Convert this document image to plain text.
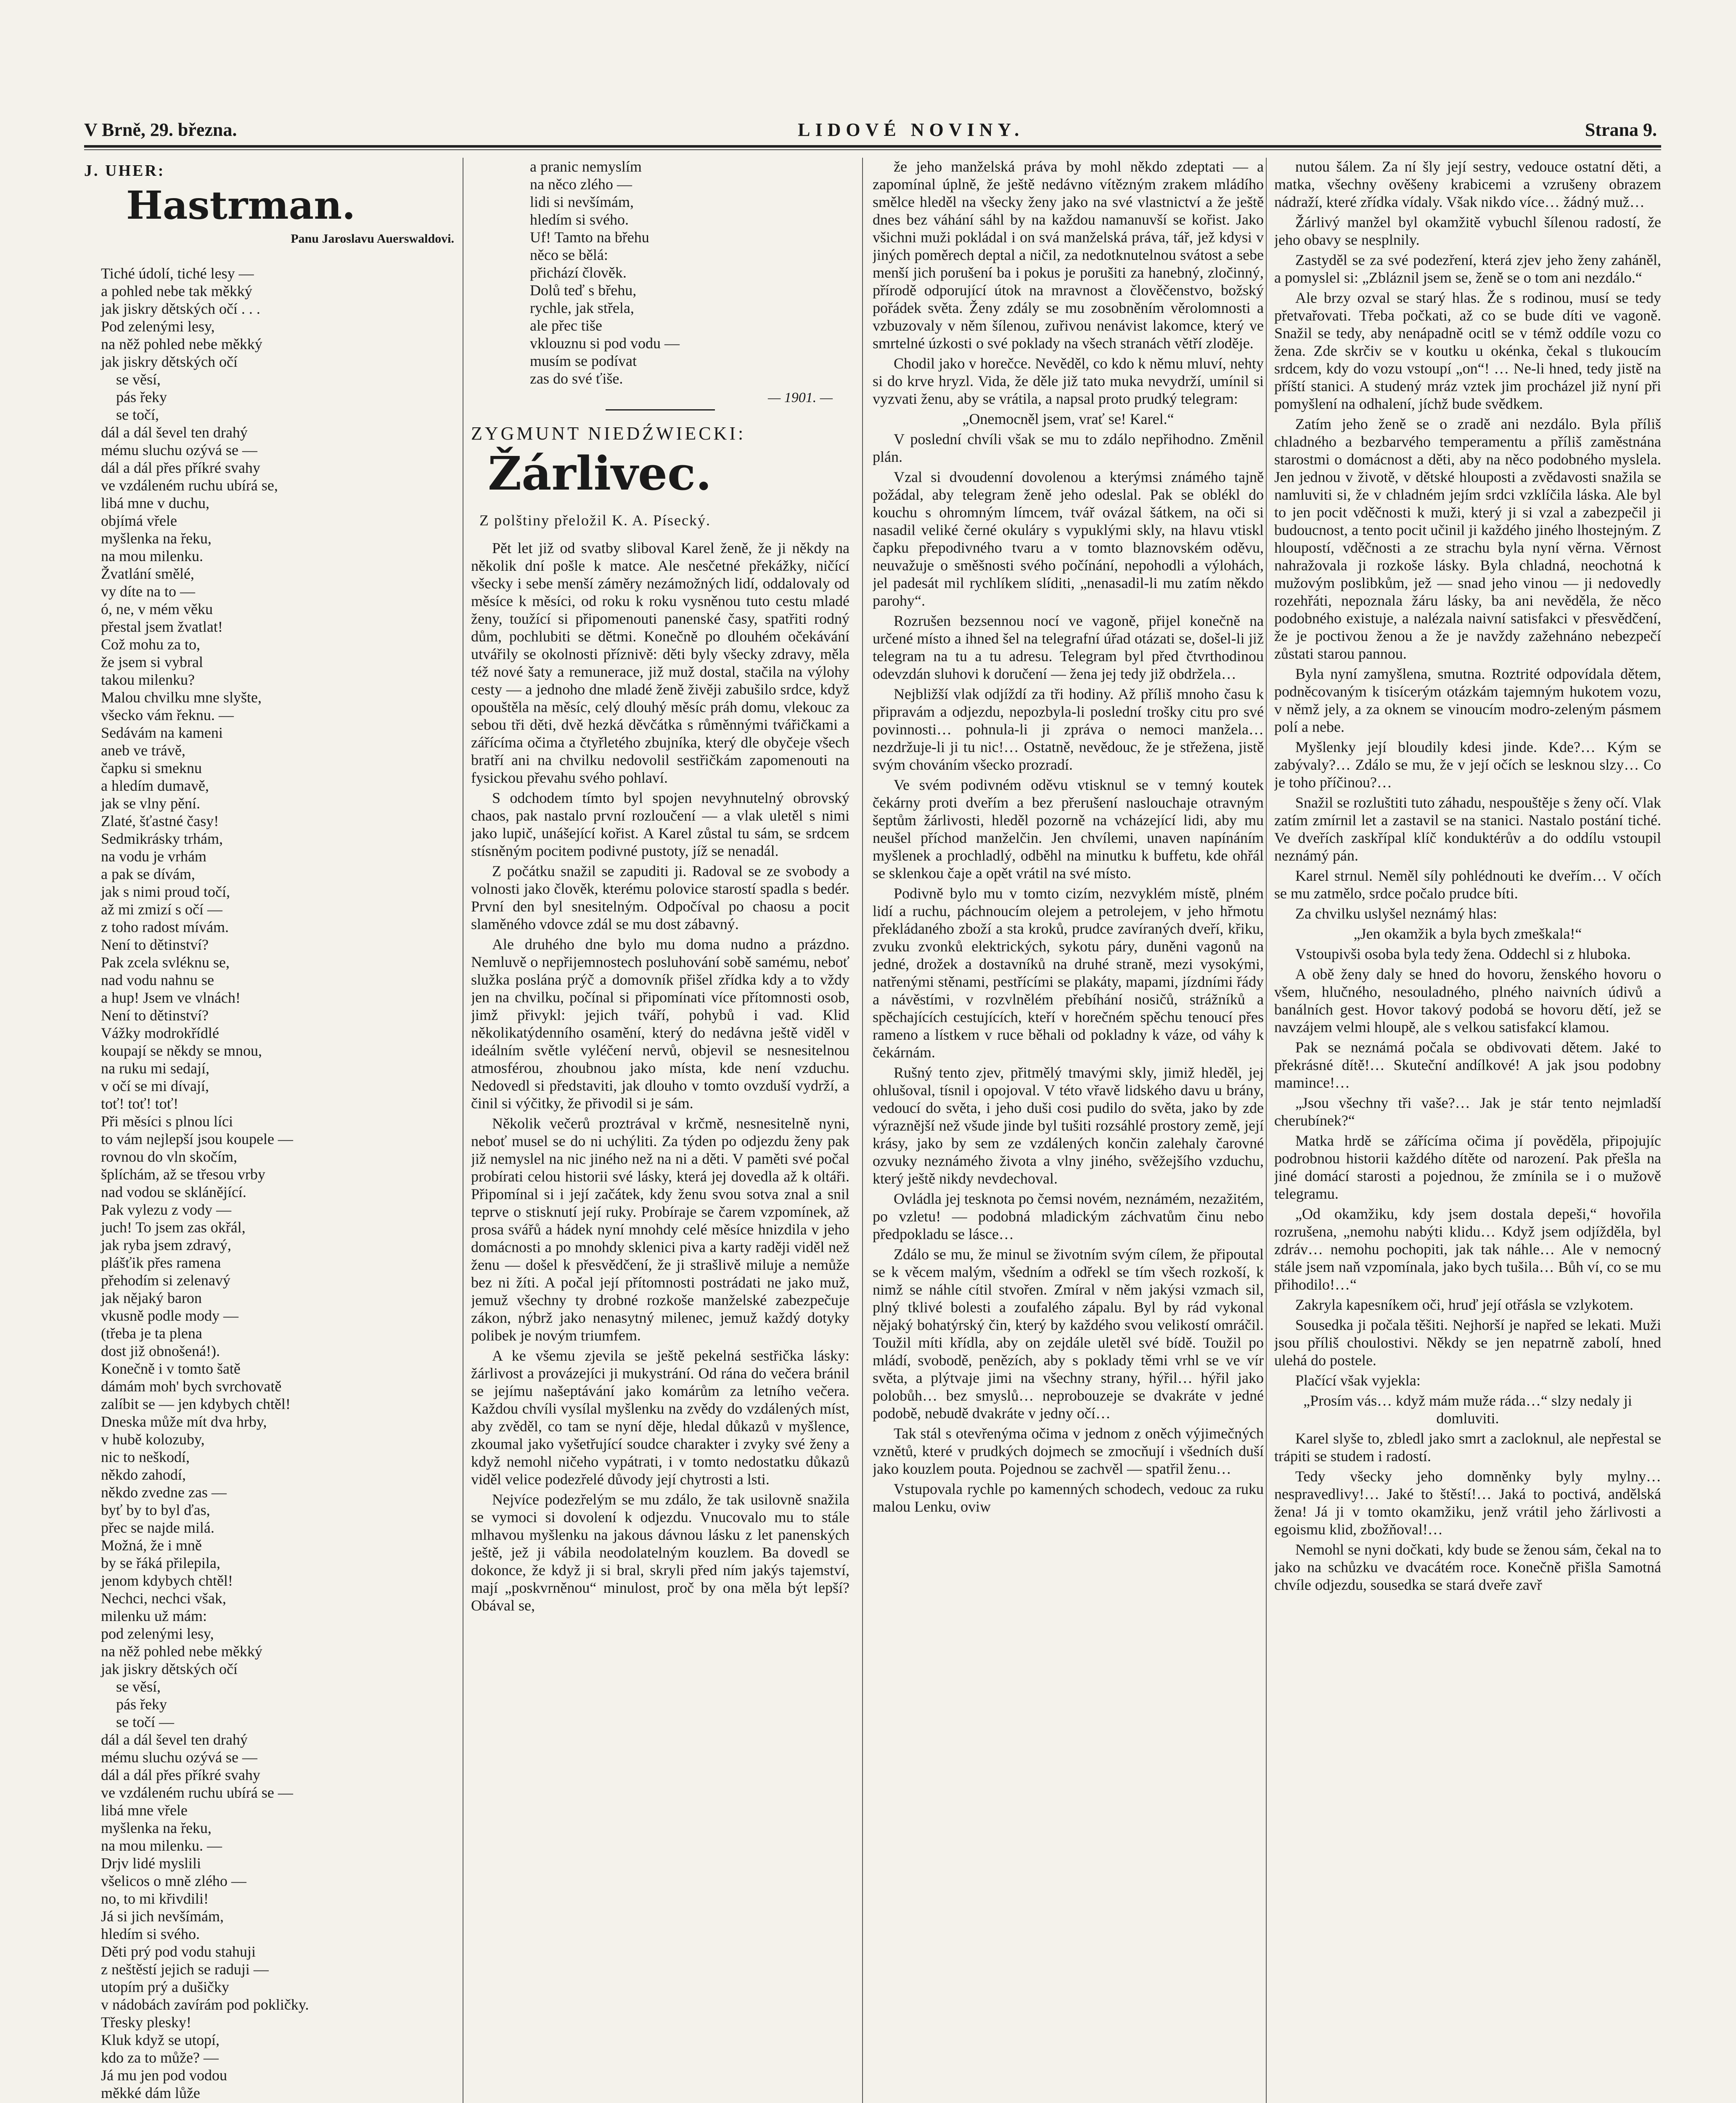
V Brně, 29. března.	LIDOVÉ NOVINY.	Strana 9.
J. UHER:
Hastrman.
Panu Jaroslavu Auerswaldovi.
Tiché údolí, tiché lesy —
a pohled nebe tak měkký
jak jiskry dětských očí . . .
Pod zelenými lesy,
na něž pohled nebe měkký
jak jiskry dětských očí
se věsí,
pás řeky
se točí,
dál a dál ševel ten drahý
mému sluchu ozývá se —
dál a dál přes příkré svahy
ve vzdáleném ruchu ubírá se,
libá mne v duchu,
objímá vřele
myšlenka na řeku,
na mou milenku.
Žvatlání smělé,
vy díte na to —
ó, ne, v mém věku
přestal jsem žvatlat!
Což mohu za to,
že jsem si vybral
takou milenku?
Malou chvilku mne slyšte,
všecko vám řeknu. —
Sedávám na kameni
aneb ve trávě,
čapku si smeknu
a hledím dumavě,
jak se vlny pění.
Zlaté, šťastné časy!
Sedmikrásky trhám,
na vodu je vrhám
a pak se dívám,
jak s nimi proud točí,
až mi zmizí s očí —
z toho radost mívám.
Není to dětinství?
Pak zcela svléknu se,
nad vodu nahnu se
a hup! Jsem ve vlnách!
Není to dětinství?
Vážky modrokřídlé
koupají se někdy se mnou,
na ruku mi sedají,
v očí se mi dívají,
toť! toť! toť!
Při měsíci s plnou líci
to vám nejlepší jsou koupele —
rovnou do vln skočím,
šplíchám, až se třesou vrby
nad vodou se sklánějící.
Pak vylezu z vody —
juch! To jsem zas okřál,
jak ryba jsem zdravý,
plášťik přes ramena
přehodím si zelenavý
jak nějaký baron
vkusně podle mody —
(třeba je ta plena
dost již obnošená!).
Konečně i v tomto šatě
dámám moh' bych svrchovatě
zalíbit se — jen kdybych chtěl!
Dneska může mít dva hrby,
v hubě kolozuby,
nic to neškodí,
někdo zahodí,
někdo zvedne zas —
byť by to byl ďas,
přec se najde milá.
Možná, že i mně
by se řáká přilepila,
jenom kdybych chtěl!
Nechci, nechci však,
milenku už mám:
pod zelenými lesy,
na něž pohled nebe měkký
jak jiskry dětských očí
se věsí,
pás řeky
se točí —
dál a dál ševel ten drahý
mému sluchu ozývá se —
dál a dál přes příkré svahy
ve vzdáleném ruchu ubírá se —
libá mne vřele
myšlenka na řeku,
na mou milenku. —
Drjv lidé myslili
všelicos o mně zlého —
no, to mi křivdili!
Já si jich nevšímám,
hledím si svého.
Děti prý pod vodu stahuji
z neštěstí jejich se raduji —
utopím prý a dušičky
v nádobách zavírám pod pokličky.
Třesky plesky!
Kluk když se utopí,
kdo za to může? —
Já mu jen pod vodou
měkké dám lůže
a pranic nemyslím
na něco zlého —
lidi si nevšímám,
hledím si svého.
Uf! Tamto na břehu
něco se bělá:
přichází člověk.
Dolů teď s břehu,
rychle, jak střela,
ale přec tiše
vklouznu si pod vodu —
musím se podívat
zas do své ťiše.
— 1901. —
ZYGMUNT NIEDŹWIECKI:
Žárlivec.
Z polštiny přeložil K. A. Písecký.

Pět let již od svatby sliboval Karel ženě, že ji někdy na několik dní pošle k matce. Ale nesčetné překážky, ničící všecky i sebe menší záměry nezámožných lidí, oddalovaly od měsíce k měsíci, od roku k roku vysněnou tuto cestu mladé ženy, toužící si připomenouti panenské časy, spatřiti rodný dům, pochlubiti se dětmi. Konečně po dlouhém očekávání utvářily se okolnosti příznivě: děti byly všecky zdravy, měla též nové šaty a remunerace, již muž dostal, stačila na výlohy cesty — a jednoho dne mladé ženě živěji zabušilo srdce, když opouštěla na měsíc, celý dlouhý měsíc práh domu, vlekouc za sebou tři děti, dvě hezká děvčátka s růměnnými tvářičkami a zářícíma očima a čtyřletého zbujníka, který dle obyčeje všech bratří ani na chvilku nedovolil sestřičkám zapomenouti na fysickou převahu svého pohlaví.

S odchodem tímto byl spojen nevyhnutelný obrovský chaos, pak nastalo první rozloučení — a vlak uletěl s nimi jako lupič, unášející kořist. A Karel zůstal tu sám, se srdcem stísněným pocitem podivné pustoty, jíž se nenadál.

Z počátku snažil se zapuditi ji. Radoval se ze svobody a volnosti jako člověk, kterému polovice starostí spadla s bedér. První den byl snesitelným. Odpočíval po chaosu a pocit slaměného vdovce zdál se mu dost zábavný.

Ale druhého dne bylo mu doma nudno a prázdno. Nemluvě o nepřijemnostech posluhování sobě samému, neboť služka poslána prýč a domovník přišel zřídka kdy a to vždy jen na chvilku, počínal si připomínati více přítomnosti osob, jimž přivykl: jejich tváří, pohybů i vad. Klid několikatýdenního osamění, který do nedávna ještě viděl v ideálním světle vyléčení nervů, objevil se nesnesitelnou atmosférou, zhoubnou jako místa, kde není vzduchu. Nedovedl si představiti, jak dlouho v tomto ovzduší vydrží, a činil si výčitky, že přivodil si je sám.

Několik večerů proztrával v krčmě, nesnesitelně nyni, neboť musel se do ni uchýliti. Za týden po odjezdu ženy pak již nemyslel na nic jiného než na ni a děti. V paměti své počal probírati celou historii své lásky, která jej dovedla až k oltáři. Připomínal si i její začátek, kdy ženu svou sotva znal a snil teprve o stisknutí její ruky. Probíraje se čarem vzpomínek, až prosa svářů a hádek nyní mnohdy celé měsíce hnizdila v jeho domácnosti a po mnohdy sklenici piva a karty raději viděl než ženu — došel k přesvědčení, že ji strašlivě miluje a nemůže bez ni žíti. A počal její přítomnosti postrádati ne jako muž, jemuž všechny ty drobné rozkoše manželské zabezpečuje zákon, nýbrž jako nenasytný milenec, jemuž každý dotyky polibek je novým triumfem.

A ke všemu zjevila se ještě pekelná sestřička lásky: žárlivost a provázejíci ji mukystrání. Od rána do večera bránil se jejímu našeptávání jako komárům za letního večera. Každou chvíli vysílal myšlenku na zvědy do vzdálených míst, aby zvěděl, co tam se nyní děje, hledal důkazů v myšlence, zkoumal jako vyšetřující soudce charakter i zvyky své ženy a když nemohl ničeho vypátrati, i v tomto nedostatku důkazů viděl velice podezřelé důvody její chytrosti a lsti.

Nejvíce podezřelým se mu zdálo, že tak usilovně snažila se vymoci si dovolení k odjezdu. Vnucovalo mu to stále mlhavou myšlenku na jakous dávnou lásku z let panenských ještě, jež ji vábila neodolatelným kouzlem. Ba dovedl se dokonce, že když ji si bral, skryli před ním jakýs tajemství, mají „poskvrněnou“ minulost, proč by ona měla být lepší? Obával se,

že jeho manželská práva by mohl někdo zdeptati — a zapomínal úplně, že ještě nedávno vítězným zrakem mládího smělce hleděl na všecky ženy jako na své vlastnictví a že ještě dnes bez váhání sáhl by na každou namanuvší se kořist. Jako všichni muži pokládal i on svá manželská práva, tář, jež kdysi v jiných poměrech deptal a ničil, za nedotknutelnou svátost a sebe menší jich porušení ba i pokus je porušiti za hanebný, zločinný, přírodě odporující útok na mravnost a člověčenstvo, božský pořádek světa. Ženy zdály se mu zosobněním věrolomnosti a vzbuzovaly v něm šílenou, zuřivou nenávist lakomce, který ve smrtelné úzkosti o své poklady na všech stranách větří zloděje.

Chodil jako v horečce. Nevěděl, co kdo k němu mluví, nehty si do krve hryzl. Vida, že děle již tato muka nevydrží, umínil si vyzvati ženu, aby se vrátila, a napsal proto prudký telegram:

„Onemocněl jsem, vrať se! Karel.“

V poslední chvíli však se mu to zdálo nepřihodno. Změnil plán.

Vzal si dvoudenní dovolenou a kterýmsi známého tajně požádal, aby telegram ženě jeho odeslal. Pak se oblékl do kouchu s ohromným límcem, tvář ovázal šátkem, na oči si nasadil veliké černé okuláry s vypuklými skly, na hlavu vtiskl čapku přepodivného tvaru a v tomto blaznovském oděvu, neuvažuje o směšnosti svého počínání, nepohodli a výlohách, jel padesát mil rychlíkem slíditi, „nenasadil-li mu zatím někdo parohy“.

Rozrušen bezsennou nocí ve vagoně, přijel konečně na určené místo a ihned šel na telegrafní úřad otázati se, došel-li již telegram na tu a tu adresu. Telegram byl před čtvrthodinou odevzdán sluhovi k doručení — žena jej tedy již obdržela…

Nejbližší vlak odjíždí za tři hodiny. Až příliš mnoho času k připravám a odjezdu, nepozbyla-li poslední trošky citu pro své povinnosti… pohnula-li ji zpráva o nemoci manžela… nezdržuje-li ji tu nic!… Ostatně, nevědouc, že je střežena, jistě svým chováním všecko prozradí.

Ve svém podivném oděvu vtisknul se v temný koutek čekárny proti dveřím a bez přerušení naslouchaje otravným šeptům žárlivosti, hleděl pozorně na vcházející lidi, aby mu neušel příchod manželčin. Jen chvílemi, unaven napínáním myšlenek a prochladlý, odběhl na minutku k buffetu, kde ohřál se sklenkou čaje a opět vrátil na své místo.

Podivně bylo mu v tomto cizím, nezvyklém místě, plném lidí a ruchu, páchnoucím olejem a petrolejem, v jeho hřmotu překládaného zboží a sta kroků, prudce zavíraných dveří, křiku, zvuku zvonků elektrických, sykotu páry, duněni vagonů na jedné, drožek a dostavníků na druhé straně, mezi vysokými, natřenými stěnami, pestřícími se plakáty, mapami, jízdními řády a návěstími, v rozvlnělém přebíhání nosičů, strážníků a spěchajících cestujících, kteří v horečném spěchu tenoucí přes rameno a lístkem v ruce běhali od pokladny k váze, od váhy k čekárnám.

Rušný tento zjev, přitmělý tmavými skly, jimiž hleděl, jej ohlušoval, tísnil i opojoval. V této vřavě lidského davu u brány, vedoucí do světa, i jeho duši cosi pudilo do světa, jako by zde výraznější než všude jinde byl tušiti rozsáhlé prostory země, její krásy, jako by sem ze vzdálených končin zalehaly čarovné ozvuky neznámého života a vlny jiného, svěžejšího vzduchu, který ještě nikdy nevdechoval.

Ovládla jej tesknota po čemsi novém, neznámém, nezažitém, po vzletu! — podobná mladickým záchvatům činu nebo předpokladu se lásce…

Zdálo se mu, že minul se životním svým cílem, že připoutal se k věcem malým, všedním a odřekl se tím všech rozkoší, k nimž se náhle cítil stvořen. Zmíral v něm jakýsi vzmach sil, plný tklivé bolesti a zoufalého zápalu. Byl by rád vykonal nějaký bohatýrský čin, který by každého svou velikostí omráčil. Toužil míti křídla, aby on zejdále uletěl své bídě. Toužil po mládí, svobodě, penězích, aby s poklady těmi vrhl se ve vír světa, a plýtvaje jimi na všechny strany, hýřil… hýřil jako polobůh… bez smyslů… neprobouzeje se dvakráte v jedné podobě, nebudě dvakráte v jedny očí…

Tak stál s otevřenýma očima v jednom z oněch výjimečných vznětů, které v prudkých dojmech se zmocňují i všedních duší jako kouzlem pouta. Pojednou se zachvěl — spatřil ženu…

Vstupovala rychle po kamenných schodech, vedouc za ruku malou Lenku, oviw

nutou šálem. Za ní šly její sestry, vedouce ostatní děti, a matka, všechny ověšeny krabicemi a vzrušeny obrazem nádraží, které zřídka vídaly. Však nikdo více… žádný muž…

Žárlivý manžel byl okamžitě vybuchl šílenou radostí, že jeho obavy se nesplnily.

Zastyděl se za své podezření, která zjev jeho ženy zaháněl, a pomyslel si: „Zbláznil jsem se, ženě se o tom ani nezdálo.“

Ale brzy ozval se starý hlas. Že s rodinou, musí se tedy přetvařovati. Třeba počkati, až co se bude díti ve vagoně. Snažil se tedy, aby nenápadně ocitl se v témž oddíle vozu co žena. Zde skrčiv se v koutku u okénka, čekal s tlukoucím srdcem, kdy do vozu vstoupí „on“! … Ne-li hned, tedy jistě na příští stanici. A studený mráz vztek jim procházel již nyní při pomyšlení na odhalení, jíchž bude svědkem.

Zatím jeho ženě se o zradě ani nezdálo. Byla příliš chladného a bezbarvého temperamentu a příliš zaměstnána starostmi o domácnost a děti, aby na něco podobného myslela. Jen jednou v životě, v dětské hlouposti a zvědavosti snažila se namluviti si, že v chladném jejím srdci vzklíčila láska. Ale byl to jen pocit vděčnosti k muži, který ji si vzal a zabezpečil ji budoucnost, a tento pocit učinil ji každého jiného lhostejným. Z hloupostí, vděčnosti a ze strachu byla nyní věrna. Věrnost nahražovala ji rozkoše lásky. Byla chladná, neochotná k mužovým poslibkům, jež — snad jeho vinou — ji nedovedly rozehřáti, nepoznala žáru lásky, ba ani nevěděla, že něco podobného existuje, a nalézala naivní satisfakci v přesvědčení, že je poctivou ženou a že je navždy zažehnáno nebezpečí zůstati starou pannou.

Byla nyní zamyšlena, smutna. Roztrité odpovídala dětem, podněcovaným k tisícerým otázkám tajemným hukotem vozu, v němž jely, a za oknem se vinoucím modro-zeleným pásmem polí a nebe.

Myšlenky její bloudily kdesi jinde. Kde?… Kým se zabývaly?… Zdálo se mu, že v její očích se lesknou slzy… Co je toho příčinou?…

Snažil se rozluštiti tuto záhadu, nespouštěje s ženy očí. Vlak zatím zmírnil let a zastavil se na stanici. Nastalo postání tiché. Ve dveřích zaskřípal klíč konduktérův a do oddílu vstoupil neznámý pán.

Karel strnul. Neměl síly pohlédnouti ke dveřím… V očích se mu zatmělo, srdce počalo prudce bíti.

Za chvilku uslyšel neznámý hlas:

„Jen okamžik a byla bych zmeškala!“

Vstoupivši osoba byla tedy žena. Oddechl si z hluboka.

A obě ženy daly se hned do hovoru, ženského hovoru o všem, hlučného, nesouladného, plného naivních údivů a banálních gest. Hovor takový podobá se hovoru dětí, jež se navzájem velmi hloupě, ale s velkou satisfakcí klamou.

Pak se neznámá počala se obdivovati dětem. Jaké to překrásné dítě!… Skuteční andílkové! A jak jsou podobny mamince!…

„Jsou všechny tři vaše?… Jak je stár tento nejmladší cherubínek?“

Matka hrdě se zářícíma očima jí pověděla, připojujíc podrobnou historii každého dítěte od narození. Pak přešla na jiné domácí starosti a pojednou, že zmínila se i o mužově telegramu.

„Od okamžiku, kdy jsem dostala depeši,“ hovořila rozrušena, „nemohu nabýti klidu… Když jsem odjížděla, byl zdráv… nemohu pochopiti, jak tak náhle… Ale v nemocný stále jsem naň vzpomínala, jako bych tušila… Bůh ví, co se mu přihodilo!…“

Zakryla kapesníkem oči, hruď její otřásla se vzlykotem.

Sousedka ji počala těšiti. Nejhorší je napřed se lekati. Muži jsou příliš choulostivi. Někdy se jen nepatrně zabolí, hned ulehá do postele.

Plačící však vyjekla:

„Prosím vás… když mám muže ráda…“ slzy nedaly ji domluviti.

Karel slyše to, zbledl jako smrt a zacloknul, ale nepřestal se trápiti se studem i radostí.

Tedy všecky jeho domněnky byly mylny… nespravedlivy!… Jaké to štěstí!… Jaká to poctivá, andělská žena! Já ji v tomto okamžiku, jenž vrátil jeho žárlivosti a egoismu klid, zbožňoval!…

Nemohl se nyni dočkati, kdy bude se ženou sám, čekal na to jako na schůzku ve dvacátém roce. Konečně přišla Samotná chvíle odjezdu, sousedka se stará dveře zavř
